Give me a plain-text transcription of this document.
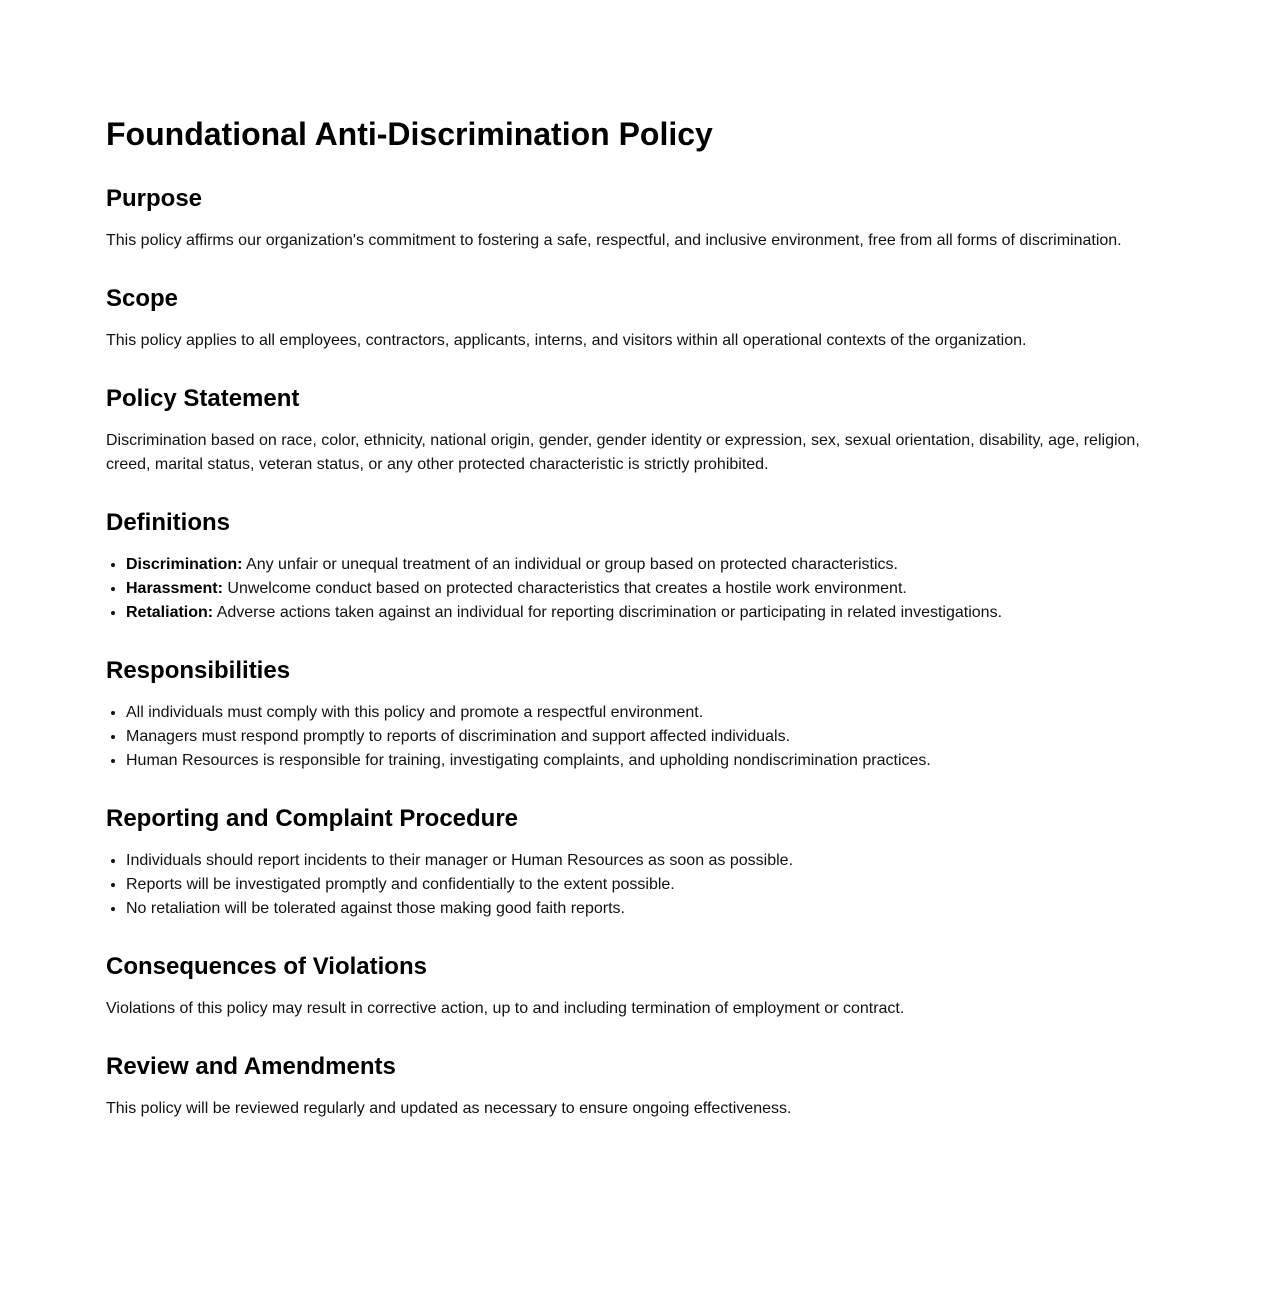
Foundational Anti-Discrimination Policy
Purpose

This policy affirms our organization's commitment to fostering a safe, respectful, and inclusive environment, free from all forms of discrimination.

Scope

This policy applies to all employees, contractors, applicants, interns, and visitors within all operational contexts of the organization.

Policy Statement

Discrimination based on race, color, ethnicity, national origin, gender, gender identity or expression, sex, sexual orientation, disability, age, religion, creed, marital status, veteran status, or any other protected characteristic is strictly prohibited.

Definitions
• Discrimination: Any unfair or unequal treatment of an individual or group based on protected characteristics.
• Harassment: Unwelcome conduct based on protected characteristics that creates a hostile work environment.
• Retaliation: Adverse actions taken against an individual for reporting discrimination or participating in related investigations.
Responsibilities
• All individuals must comply with this policy and promote a respectful environment.
• Managers must respond promptly to reports of discrimination and support affected individuals.
• Human Resources is responsible for training, investigating complaints, and upholding nondiscrimination practices.
Reporting and Complaint Procedure
• Individuals should report incidents to their manager or Human Resources as soon as possible.
• Reports will be investigated promptly and confidentially to the extent possible.
• No retaliation will be tolerated against those making good faith reports.
Consequences of Violations

Violations of this policy may result in corrective action, up to and including termination of employment or contract.

Review and Amendments

This policy will be reviewed regularly and updated as necessary to ensure ongoing effectiveness.
